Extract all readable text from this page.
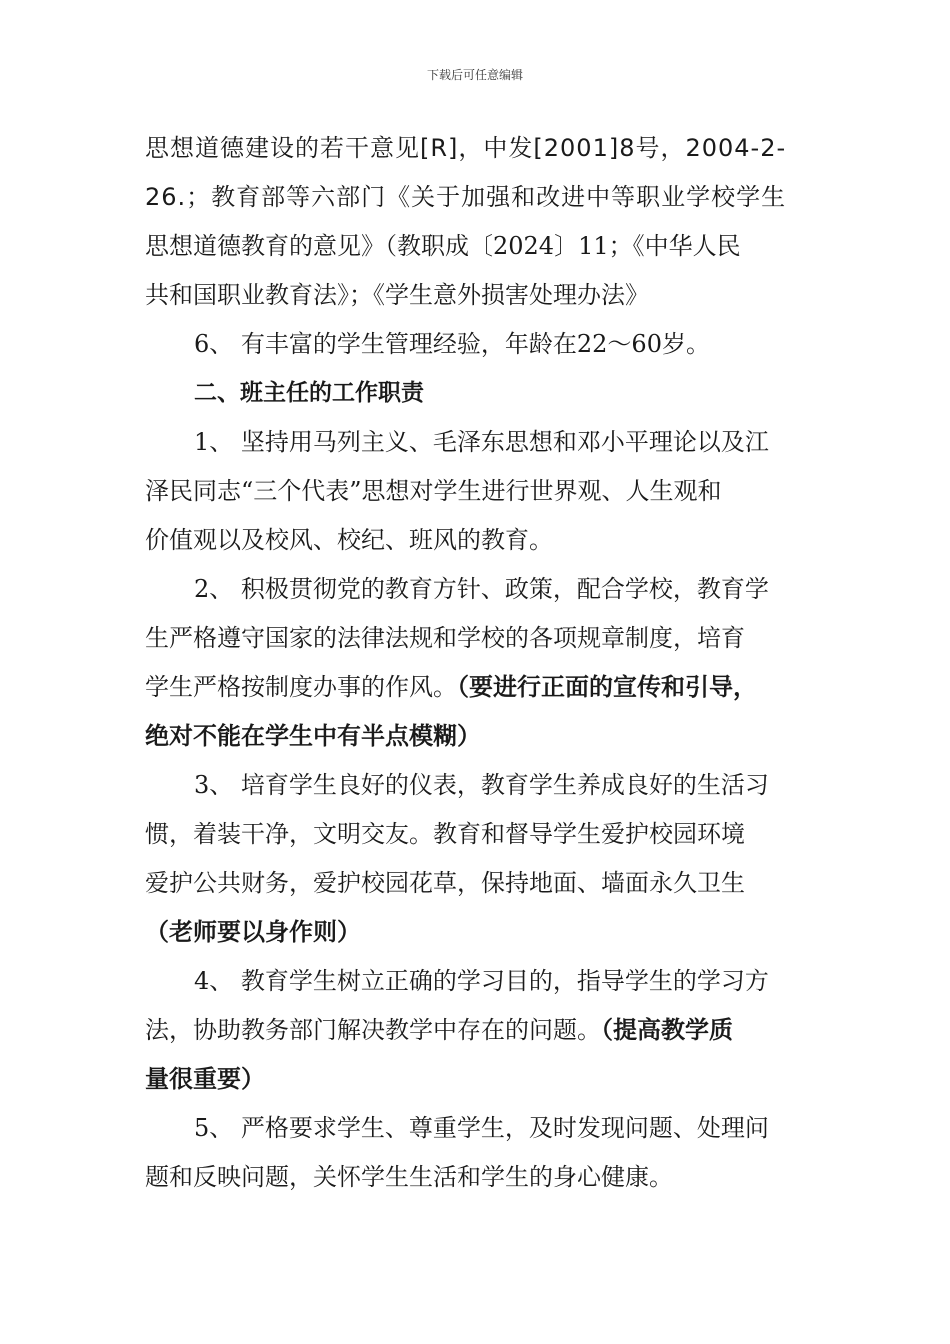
下载后可任意编辑
思想道德建设的若干意见[R]，中发[2001]8号，2004-2-
26.；教育部等六部门《关于加强和改进中等职业学校学生
思想道德教育的意见》（教职成〔2024〕11；《中华人民
共和国职业教育法》；《学生意外损害处理办法》
6、 有丰富的学生管理经验，年龄在22～60岁。
二、班主任的工作职责
1、 坚持用马列主义、毛泽东思想和邓小平理论以及江
泽民同志“三个代表”思想对学生进行世界观、人生观和
价值观以及校风、校纪、班风的教育。
2、 积极贯彻党的教育方针、政策，配合学校，教育学
生严格遵守国家的法律法规和学校的各项规章制度，培育
学生严格按制度办事的作风。（要进行正面的宣传和引导，
绝对不能在学生中有半点模糊）
3、 培育学生良好的仪表，教育学生养成良好的生活习
惯，着装干净，文明交友。教育和督导学生爱护校园环境
爱护公共财务，爱护校园花草，保持地面、墙面永久卫生
（老师要以身作则）
4、 教育学生树立正确的学习目的，指导学生的学习方
法，协助教务部门解决教学中存在的问题。（提高教学质
量很重要）
5、 严格要求学生、尊重学生，及时发现问题、处理问
题和反映问题，关怀学生生活和学生的身心健康。
